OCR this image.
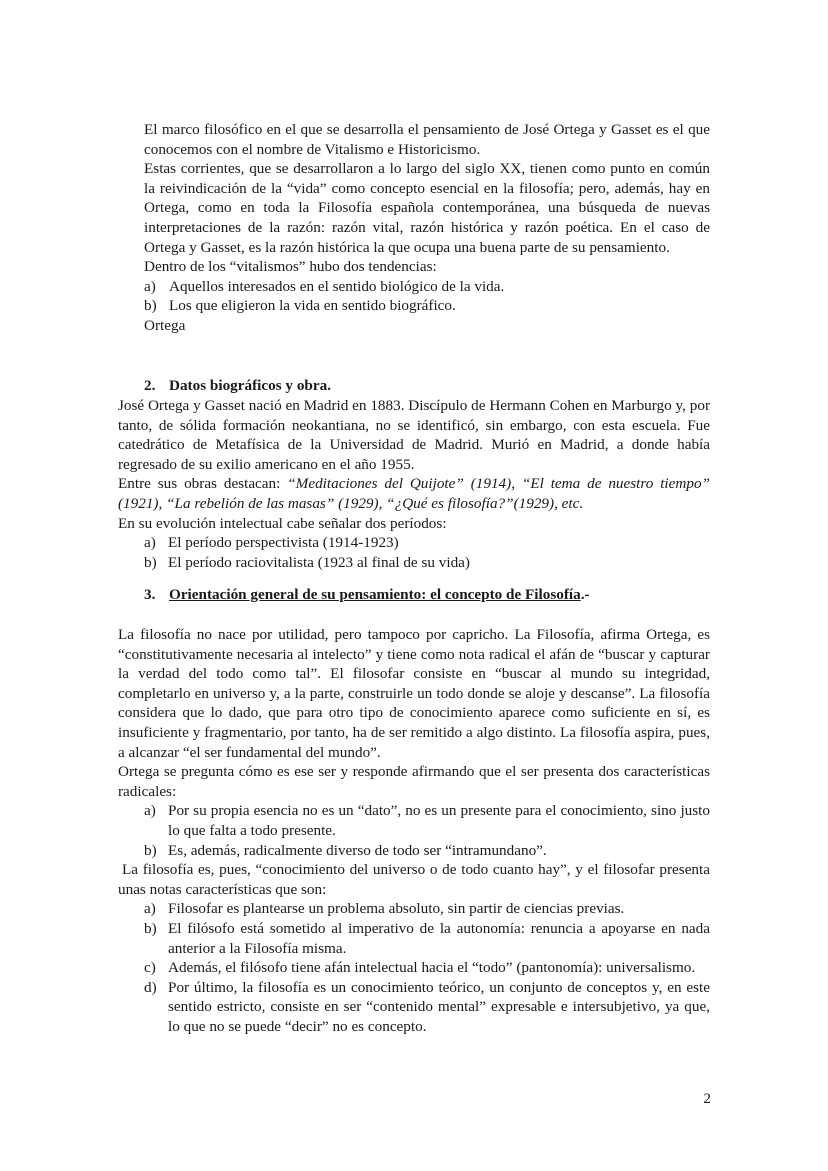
El marco filosófico en el que se desarrolla el pensamiento de José Ortega y Gasset es el que conocemos con el nombre de Vitalismo e Historicismo.

Estas corrientes, que se desarrollaron a lo largo del siglo XX, tienen como punto en común la reivindicación de la “vida” como concepto esencial en la filosofía; pero, además, hay en Ortega, como en toda la Filosofía española contemporánea, una búsqueda de nuevas interpretaciones de la razón: razón vital, razón histórica y razón poética. En el caso de Ortega y Gasset, es la razón histórica la que ocupa una buena parte de su pensamiento.

Dentro de los “vitalismos” hubo dos tendencias:

a) Aquellos interesados en el sentido biológico de la vida.
b) Los que eligieron la vida en sentido biográfico.

Ortega

2. Datos biográficos y obra.

José Ortega y Gasset nació en Madrid en 1883. Discípulo de Hermann Cohen en Marburgo y, por tanto, de sólida formación neokantiana, no se identificó, sin embargo, con esta escuela. Fue catedrático de Metafísica de la Universidad de Madrid. Murió en Madrid, a donde había regresado de su exilio americano en el año 1955.

Entre sus obras destacan: “Meditaciones del Quijote” (1914), “El tema de nuestro tiempo” (1921), “La rebelión de las masas” (1929), “¿Qué es filosofía?”(1929), etc.

En su evolución intelectual cabe señalar dos períodos:

a) El período perspectivista (1914-1923)
b) El período raciovitalista (1923 al final de su vida)
3. Orientación general de su pensamiento: el concepto de Filosofía.-

La filosofía no nace por utilidad, pero tampoco por capricho. La Filosofía, afirma Ortega, es “constitutivamente necesaria al intelecto” y tiene como nota radical el afán de “buscar y capturar la verdad del todo como tal”. El filosofar consiste en “buscar al mundo su integridad, completarlo en universo y, a la parte, construirle un todo donde se aloje y descanse”. La filosofía considera que lo dado, que para otro tipo de conocimiento aparece como suficiente en sí, es insuficiente y fragmentario, por tanto, ha de ser remitido a algo distinto. La filosofía aspira, pues, a alcanzar “el ser fundamental del mundo”.

Ortega se pregunta cómo es ese ser y responde afirmando que el ser presenta dos características radicales:

a) Por su propia esencia no es un “dato”, no es un presente para el conocimiento, sino justo lo que falta a todo presente.
b) Es, además, radicalmente diverso de todo ser “intramundano”.

La filosofía es, pues, “conocimiento del universo o de todo cuanto hay”, y el filosofar presenta unas notas características que son:

a) Filosofar es plantearse un problema absoluto, sin partir de ciencias previas.
b) El filósofo está sometido al imperativo de la autonomía: renuncia a apoyarse en nada anterior a la Filosofía misma.
c) Además, el filósofo tiene afán intelectual hacia el “todo” (pantonomía): universalismo.
d) Por último, la filosofía es un conocimiento teórico, un conjunto de conceptos y, en este sentido estricto, consiste en ser “contenido mental” expresable e intersubjetivo, ya que, lo que no se puede “decir” no es concepto.
2
